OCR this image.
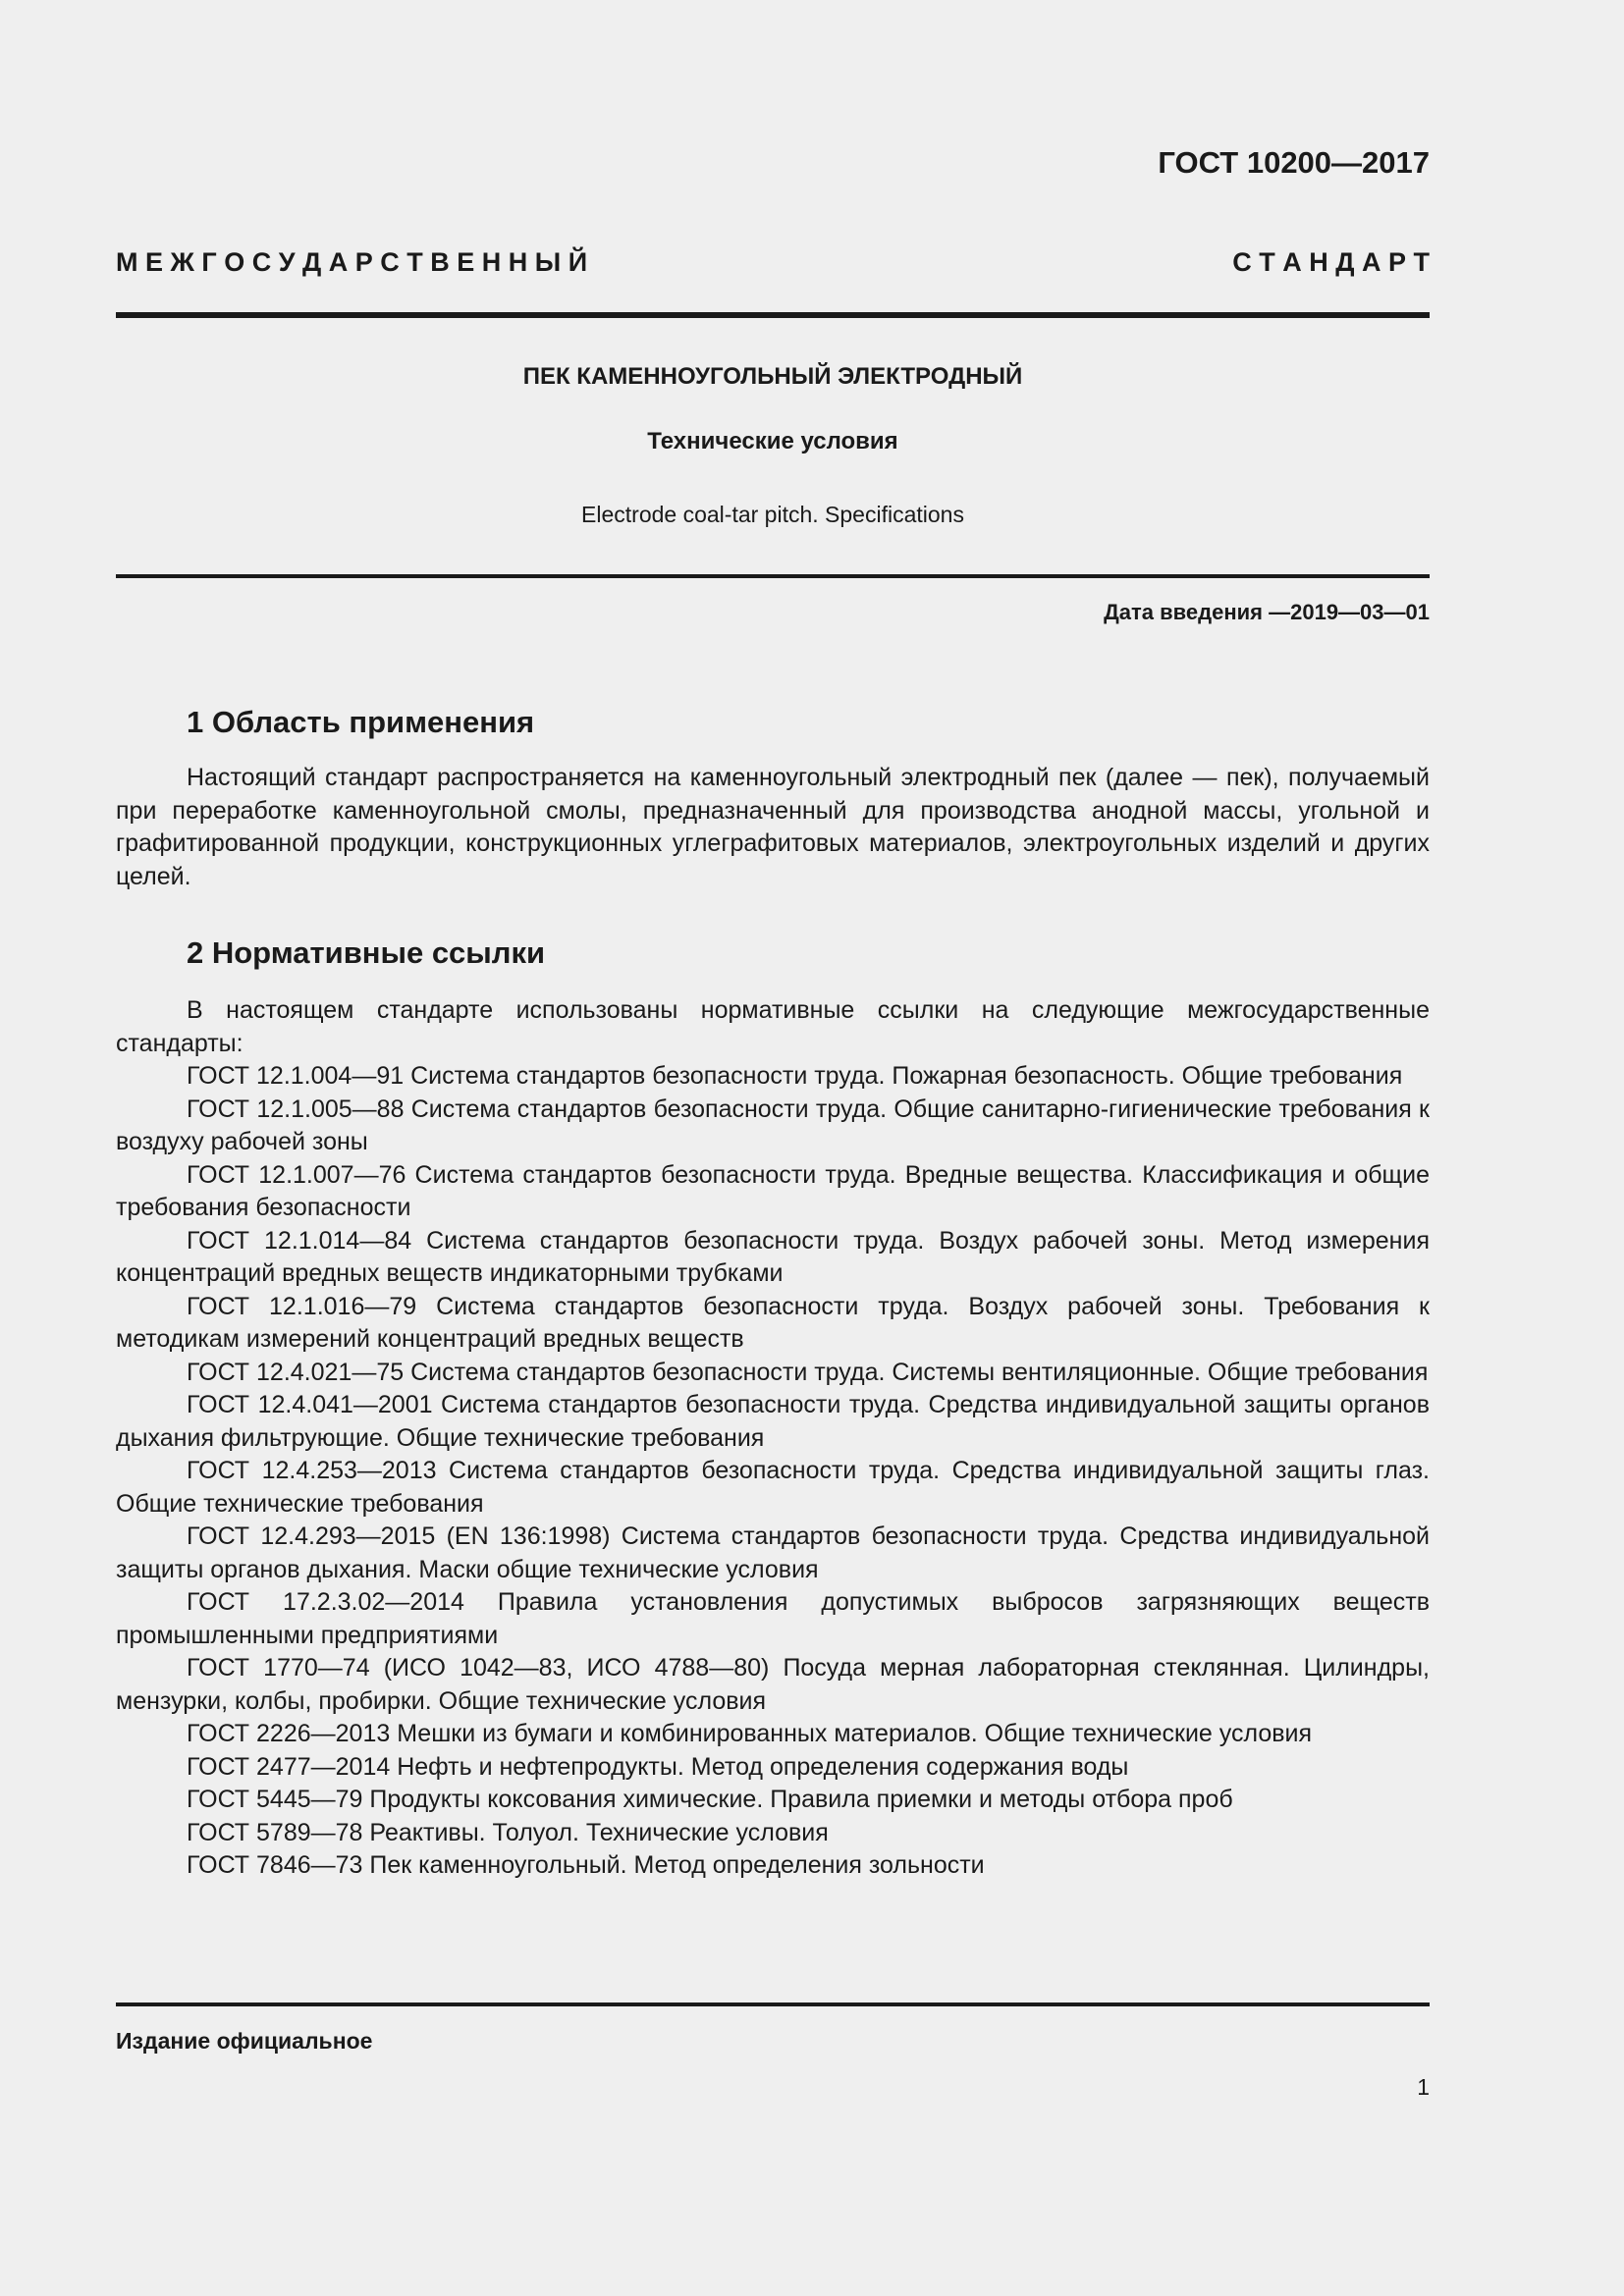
ГОСТ 10200—2017
М Е Ж Г О С У Д А Р С Т В Е Н Н Ы Й	С Т А Н Д А Р Т
ПЕК КАМЕННОУГОЛЬНЫЙ ЭЛЕКТРОДНЫЙ
Технические условия
Electrode coal-tar pitch. Specifications
Дата введения —2019—03—01
1 Область применения

Настоящий стандарт распространяется на каменноугольный электродный пек (далее — пек), получаемый при переработке каменноугольной смолы, предназначенный для производства анодной массы, угольной и графитированной продукции, конструкционных углеграфитовых материалов, электроугольных изделий и других целей.

2 Нормативные ссылки

В настоящем стандарте использованы нормативные ссылки на следующие межгосударственные стандарты:

ГОСТ 12.1.004—91 Система стандартов безопасности труда. Пожарная безопасность. Общие требования

ГОСТ 12.1.005—88 Система стандартов безопасности труда. Общие санитарно-гигиенические требования к воздуху рабочей зоны

ГОСТ 12.1.007—76 Система стандартов безопасности труда. Вредные вещества. Классификация и общие требования безопасности

ГОСТ 12.1.014—84 Система стандартов безопасности труда. Воздух рабочей зоны. Метод измерения концентраций вредных веществ индикаторными трубками

ГОСТ 12.1.016—79 Система стандартов безопасности труда. Воздух рабочей зоны. Требования к методикам измерений концентраций вредных веществ

ГОСТ 12.4.021—75 Система стандартов безопасности труда. Системы вентиляционные. Общие требования

ГОСТ 12.4.041—2001 Система стандартов безопасности труда. Средства индивидуальной защиты органов дыхания фильтрующие. Общие технические требования

ГОСТ 12.4.253—2013 Система стандартов безопасности труда. Средства индивидуальной защиты глаз. Общие технические требования

ГОСТ 12.4.293—2015 (EN 136:1998) Система стандартов безопасности труда. Средства индивидуальной защиты органов дыхания. Маски общие технические условия

ГОСТ 17.2.3.02—2014 Правила установления допустимых выбросов загрязняющих веществ промышленными предприятиями

ГОСТ 1770—74 (ИСО 1042—83, ИСО 4788—80) Посуда мерная лабораторная стеклянная. Цилиндры, мензурки, колбы, пробирки. Общие технические условия

ГОСТ 2226—2013 Мешки из бумаги и комбинированных материалов. Общие технические условия

ГОСТ 2477—2014 Нефть и нефтепродукты. Метод определения содержания воды

ГОСТ 5445—79 Продукты коксования химические. Правила приемки и методы отбора проб

ГОСТ 5789—78 Реактивы. Толуол. Технические условия

ГОСТ 7846—73 Пек каменноугольный. Метод определения зольности

Издание официальное
1
